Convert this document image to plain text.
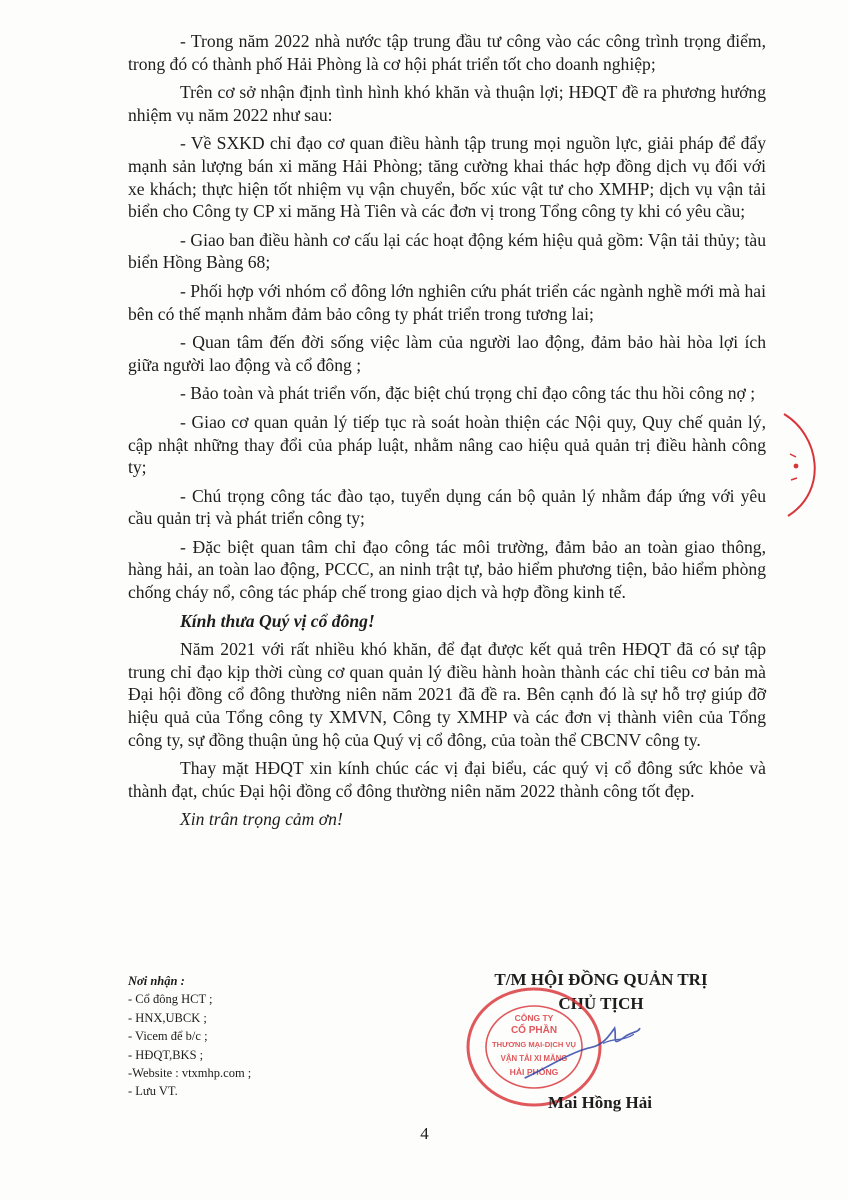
- Trong năm 2022 nhà nước tập trung đầu tư công vào các công trình trọng điểm, trong đó có thành phố Hải Phòng là cơ hội phát triển tốt cho doanh nghiệp;

Trên cơ sở nhận định tình hình khó khăn và thuận lợi; HĐQT đề ra phương hướng nhiệm vụ năm 2022 như sau:

- Về SXKD chỉ đạo cơ quan điều hành tập trung mọi nguồn lực, giải pháp để đẩy mạnh sản lượng bán xi măng Hải Phòng; tăng cường khai thác hợp đồng dịch vụ đối với xe khách; thực hiện tốt nhiệm vụ vận chuyển, bốc xúc vật tư cho XMHP; dịch vụ vận tải biển cho Công ty CP xi măng Hà Tiên và các đơn vị trong Tổng công ty khi có yêu cầu;

- Giao ban điều hành cơ cấu lại các hoạt động kém hiệu quả gồm: Vận tải thủy; tàu biển Hồng Bàng 68;

- Phối hợp với nhóm cổ đông lớn nghiên cứu phát triển các ngành nghề mới mà hai bên có thế mạnh nhằm đảm bảo công ty phát triển trong tương lai;

- Quan tâm đến đời sống việc làm của người lao động, đảm bảo hài hòa lợi ích giữa người lao động và cổ đông ;

- Bảo toàn và phát triển vốn, đặc biệt chú trọng chỉ đạo công tác thu hồi công nợ ;

- Giao cơ quan quản lý tiếp tục rà soát hoàn thiện các Nội quy, Quy chế quản lý, cập nhật những thay đổi của pháp luật, nhằm nâng cao hiệu quả quản trị điều hành công ty;

- Chú trọng công tác đào tạo, tuyển dụng cán bộ quản lý nhằm đáp ứng với yêu cầu quản trị và phát triển công ty;

- Đặc biệt quan tâm chỉ đạo công tác môi trường, đảm bảo an toàn giao thông, hàng hải, an toàn lao động, PCCC, an ninh trật tự, bảo hiểm phương tiện, bảo hiểm phòng chống cháy nổ, công tác pháp chế trong giao dịch và hợp đồng kinh tế.

Kính thưa Quý vị cổ đông!

Năm 2021 với rất nhiều khó khăn, để đạt được kết quả trên HĐQT đã có sự tập trung chỉ đạo kịp thời cùng cơ quan quản lý điều hành hoàn thành các chỉ tiêu cơ bản mà Đại hội đồng cổ đông thường niên năm 2021 đã đề ra. Bên cạnh đó là sự hỗ trợ giúp đỡ hiệu quả của Tổng công ty XMVN, Công ty XMHP và các đơn vị thành viên của Tổng công ty, sự đồng thuận ủng hộ của Quý vị cổ đông, của toàn thể CBCNV công ty.

Thay mặt HĐQT xin kính chúc các vị đại biểu, các quý vị cổ đông sức khỏe và thành đạt, chúc Đại hội đồng cổ đông thường niên năm 2022 thành công tốt đẹp.

Xin trân trọng cảm ơn!

Nơi nhận :
- Cổ đông HCT ;
- HNX,UBCK ;
- Vicem để b/c ;
- HĐQT,BKS ;
-Website : vtxmhp.com ;
- Lưu VT.
T/M HỘI ĐỒNG QUẢN TRỊ
CHỦ TỊCH
CÔNG TY
CỔ PHẦN
THƯƠNG MẠI-DỊCH VỤ
VẬN TẢI XI MĂNG
HẢI PHÒNG
Mai Hồng Hải
4
